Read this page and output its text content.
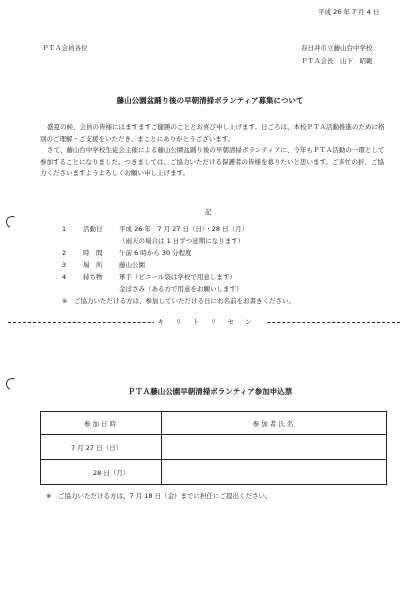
平成 26 年 7 月 4 日
ＰＴＡ会員各位	春日井市立藤山台中学校
ＰＴＡ会長　山下　昭範
藤山公園盆踊り後の早朝清掃ボランティア募集について

盛夏の候、会員の皆様にはますますご健勝のこととお喜び申し上げます。日ごろは、本校ＰＴＡ活動推進のために格別のご理解・ご支援をいただき、まことにありがとうございます。

さて、藤山台中学校生徒会主催による藤山公園盆踊り後の早朝清掃ボランティアに、今年もＰＴＡ活動の一環として参加することになりました。つきましては、ご協力いただける保護者の皆様を募りたいと思います。ご多忙の折、ご協力くださいますようよろしくお願い申し上げます。

記
1	活動日	平成 26 年　7 月 27 日（日）・28 日（月）
（雨天の場合は 1 日ずつ延期になります）
2	時　間	午前 6 時から 30 分程度
3	場　所	藤山公園
4	持ち物	軍手（ビニール袋は学校で用意します）
金ばさみ（ある方で用意をお願いします）
※　ご協力いただける方は、参加していただける日にお名前をお書きください。
キリトリセン
ＰＴＡ藤山公園早朝清掃ボランティア参加申込票
参加日時	参加者氏名
7 月 27 日（日）	
28 日（月）	
※　ご協力いただける方は、7 月 18 日（金）までに担任にご提出ください。
